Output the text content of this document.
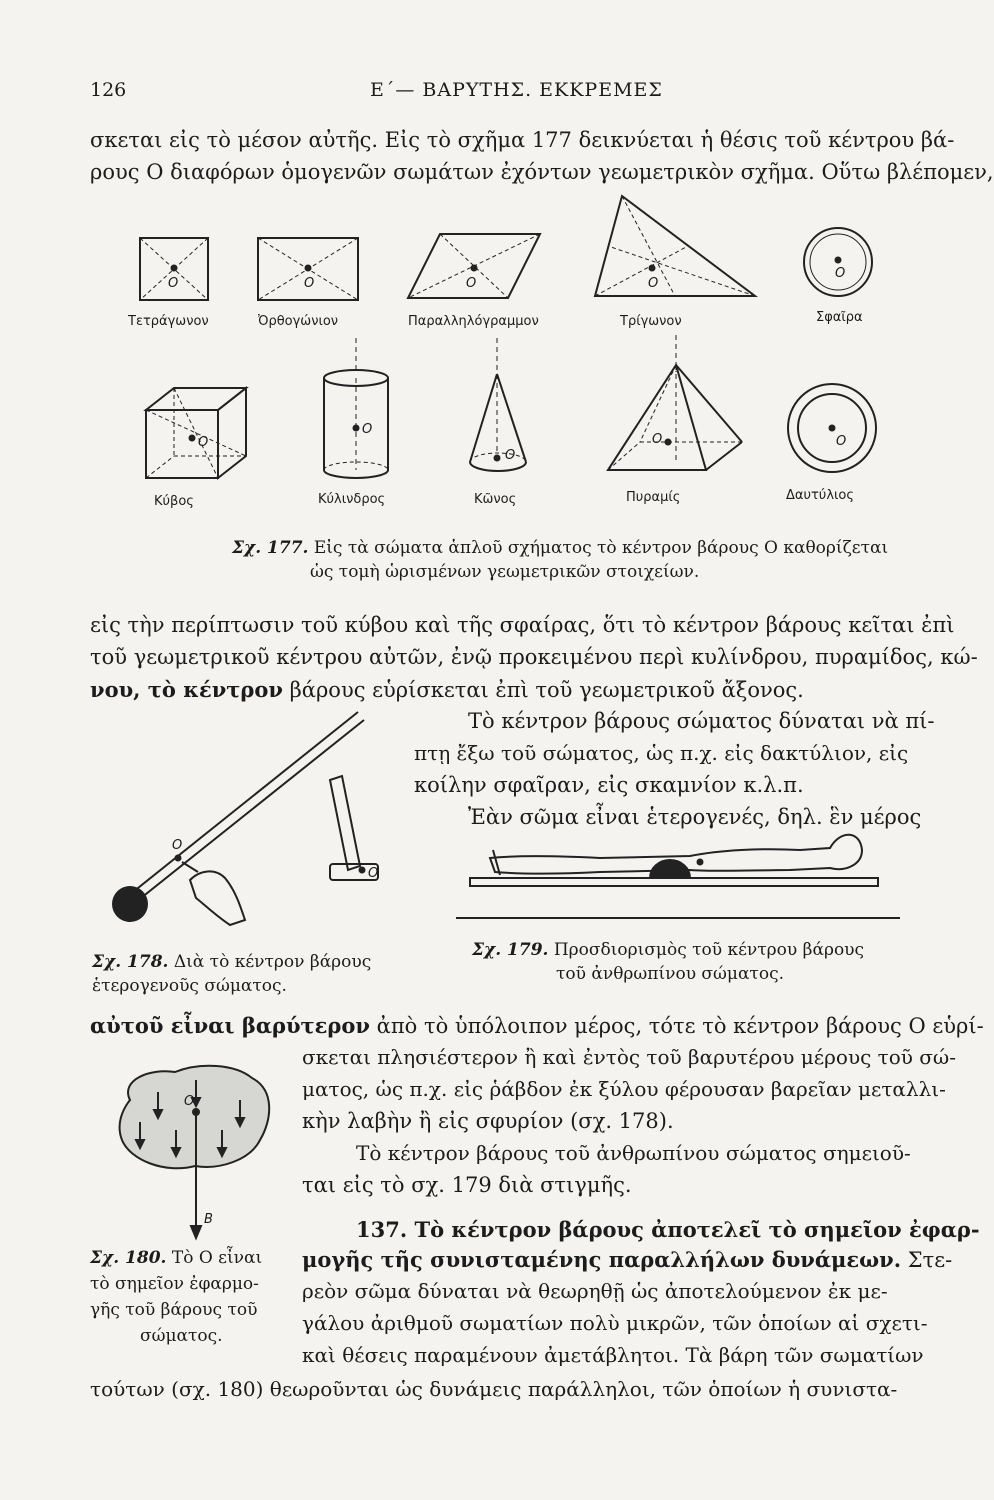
126	Ε΄— ΒΑΡΥΤΗΣ. ΕΚΚΡΕΜΕΣ
σκεται εἰς τὸ μέσον αὐτῆς. Εἰς τὸ σχῆμα 177 δεικνύεται ἡ θέσις τοῦ κέντρου βά-
ρους Ο διαφόρων ὁμογενῶν σωμάτων ἐχόντων γεωμετρικὸν σχῆμα. Οὕτω βλέπομεν,
O	O	O	O
O
O
O
O
O	O
Τετράγωνον	Ὀρθογώνιον	Παραλληλόγραμμον	Τρίγωνον	Σφαῖρα
Κύβος	Κύλινδρος	Κῶνος	Πυραμίς	Δαυτύλιος
Σχ. 177. Εἰς τὰ σώματα ἁπλοῦ σχήματος τὸ κέντρον βάρους Ο καθορίζεται
ὡς τομὴ ὡρισμένων γεωμετρικῶν στοιχείων.
εἰς τὴν περίπτωσιν τοῦ κύβου καὶ τῆς σφαίρας, ὅτι τὸ κέντρον βάρους κεῖται ἐπὶ
τοῦ γεωμετρικοῦ κέντρου αὐτῶν, ἐνῷ προκειμένου περὶ κυλίνδρου, πυραμίδος, κώ-
νου, τὸ κέντρον βάρους εὑρίσκεται ἐπὶ τοῦ γεωμετρικοῦ ἄξονος.
Τὸ κέντρον βάρους σώματος δύναται νὰ πί-
πτῃ ἔξω τοῦ σώματος, ὡς π.χ. εἰς δακτύλιον, εἰς
κοίλην σφαῖραν, εἰς σκαμνίον κ.λ.π.
Ἐὰν σῶμα εἶναι ἑτερογενές, δηλ. ἓν μέρος
O
O
Σχ. 178. Διὰ τὸ κέντρον βάρους
ἑτερογενοῦς σώματος.
Σχ. 179. Προσδιορισμὸς τοῦ κέντρου βάρους
τοῦ ἀνθρωπίνου σώματος.
αὐτοῦ εἶναι βαρύτερον ἀπὸ τὸ ὑπόλοιπον μέρος, τότε τὸ κέντρον βάρους Ο εὑρί-
σκεται πλησιέστερον ἢ καὶ ἐντὸς τοῦ βαρυτέρου μέρους τοῦ σώ-
ματος, ὡς π.χ. εἰς ῥάβδον ἐκ ξύλου φέρουσαν βαρεῖαν μεταλλι-
κὴν λαβὴν ἢ εἰς σφυρίον (σχ. 178).
Τὸ κέντρον βάρους τοῦ ἀνθρωπίνου σώματος σημειοῦ-
ται εἰς τὸ σχ. 179 διὰ στιγμῆς.
O
B
Σχ. 180. Τὸ Ο εἶναι
τὸ σημεῖον ἐφαρμο-
γῆς τοῦ βάρους τοῦ
σώματος.
137. Τὸ κέντρον βάρους ἀποτελεῖ τὸ σημεῖον ἐφαρ-
μογῆς τῆς συνισταμένης παραλλήλων δυνάμεων. Στε-
ρεὸν σῶμα δύναται νὰ θεωρηθῇ ὡς ἀποτελούμενον ἐκ με-
γάλου ἀριθμοῦ σωματίων πολὺ μικρῶν, τῶν ὁποίων αἱ σχετι-
καὶ θέσεις παραμένουν ἀμετάβλητοι. Τὰ βάρη τῶν σωματίων
τούτων (σχ. 180) θεωροῦνται ὡς δυνάμεις παράλληλοι, τῶν ὁποίων ἡ συνιστα-
